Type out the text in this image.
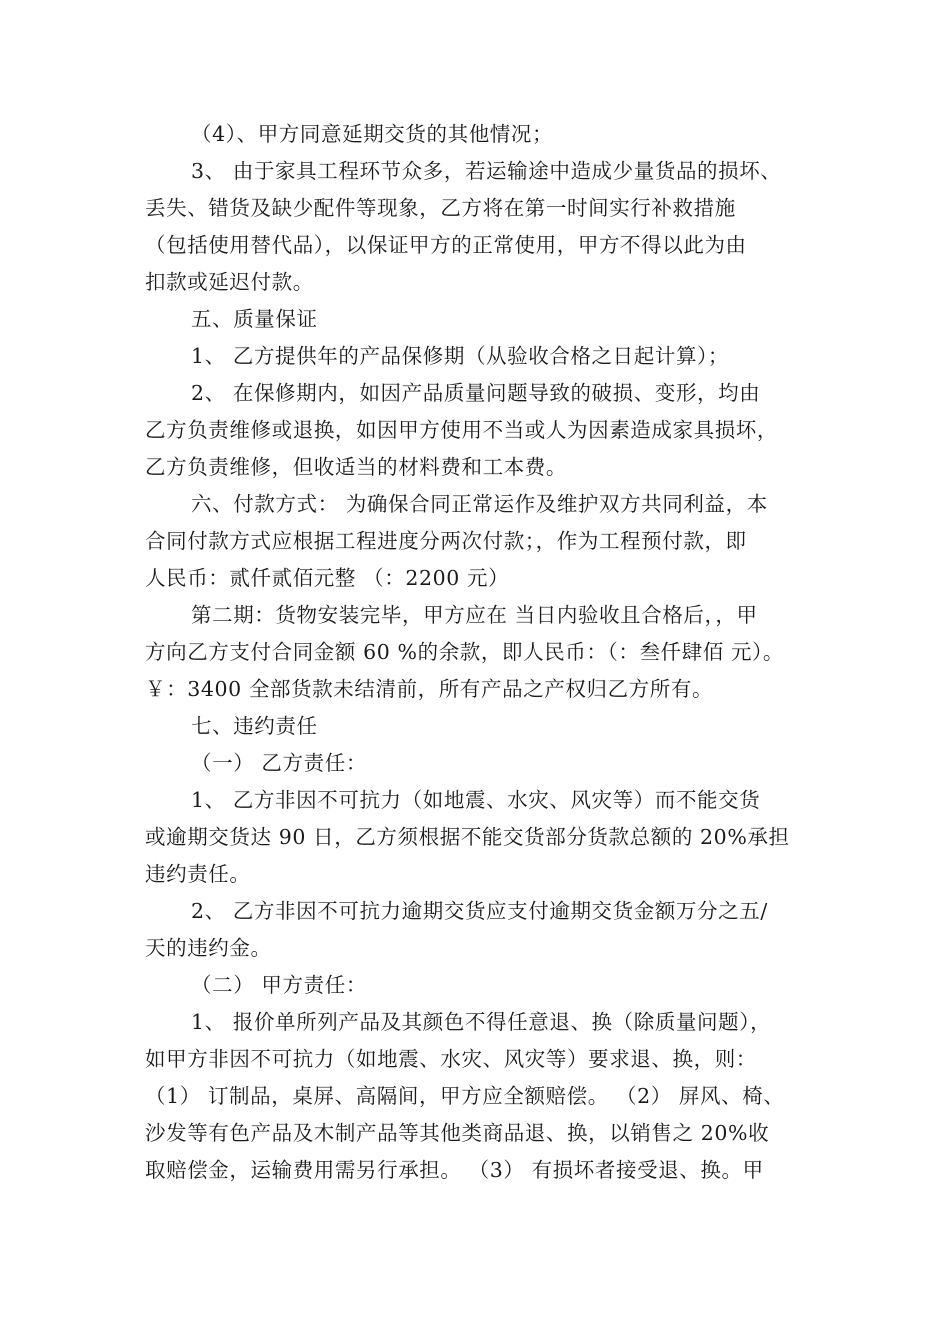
（4）、甲方同意延期交货的其他情况；

3、 由于家具工程环节众多，若运输途中造成少量货品的损坏、

丢失、错货及缺少配件等现象，乙方将在第一时间实行补救措施

（包括使用替代品），以保证甲方的正常使用，甲方不得以此为由

扣款或延迟付款。

五、质量保证

1、 乙方提供年的产品保修期（从验收合格之日起计算）；

2、 在保修期内，如因产品质量问题导致的破损、变形，均由

乙方负责维修或退换，如因甲方使用不当或人为因素造成家具损坏，

乙方负责维修，但收适当的材料费和工本费。

六、付款方式： 为确保合同正常运作及维护双方共同利益，本

合同付款方式应根据工程进度分两次付款；，作为工程预付款，即

人民币：贰仟贰佰元整 （：2200 元）

第二期：货物安装完毕，甲方应在 当日内验收且合格后，，甲

方向乙方支付合同金额 60 %的余款，即人民币：（：叁仟肆佰 元）。

￥：3400 全部货款未结清前，所有产品之产权归乙方所有。

七、违约责任

（一） 乙方责任：

1、 乙方非因不可抗力（如地震、水灾、风灾等）而不能交货

或逾期交货达 90 日，乙方须根据不能交货部分货款总额的 20%承担

违约责任。

2、 乙方非因不可抗力逾期交货应支付逾期交货金额万分之五/

天的违约金。

（二） 甲方责任：

1、 报价单所列产品及其颜色不得任意退、换（除质量问题），

如甲方非因不可抗力（如地震、水灾、风灾等）要求退、换，则：

（1） 订制品，桌屏、高隔间，甲方应全额赔偿。 （2） 屏风、椅、

沙发等有色产品及木制产品等其他类商品退、换，以销售之 20%收

取赔偿金，运输费用需另行承担。 （3） 有损坏者接受退、换。甲
